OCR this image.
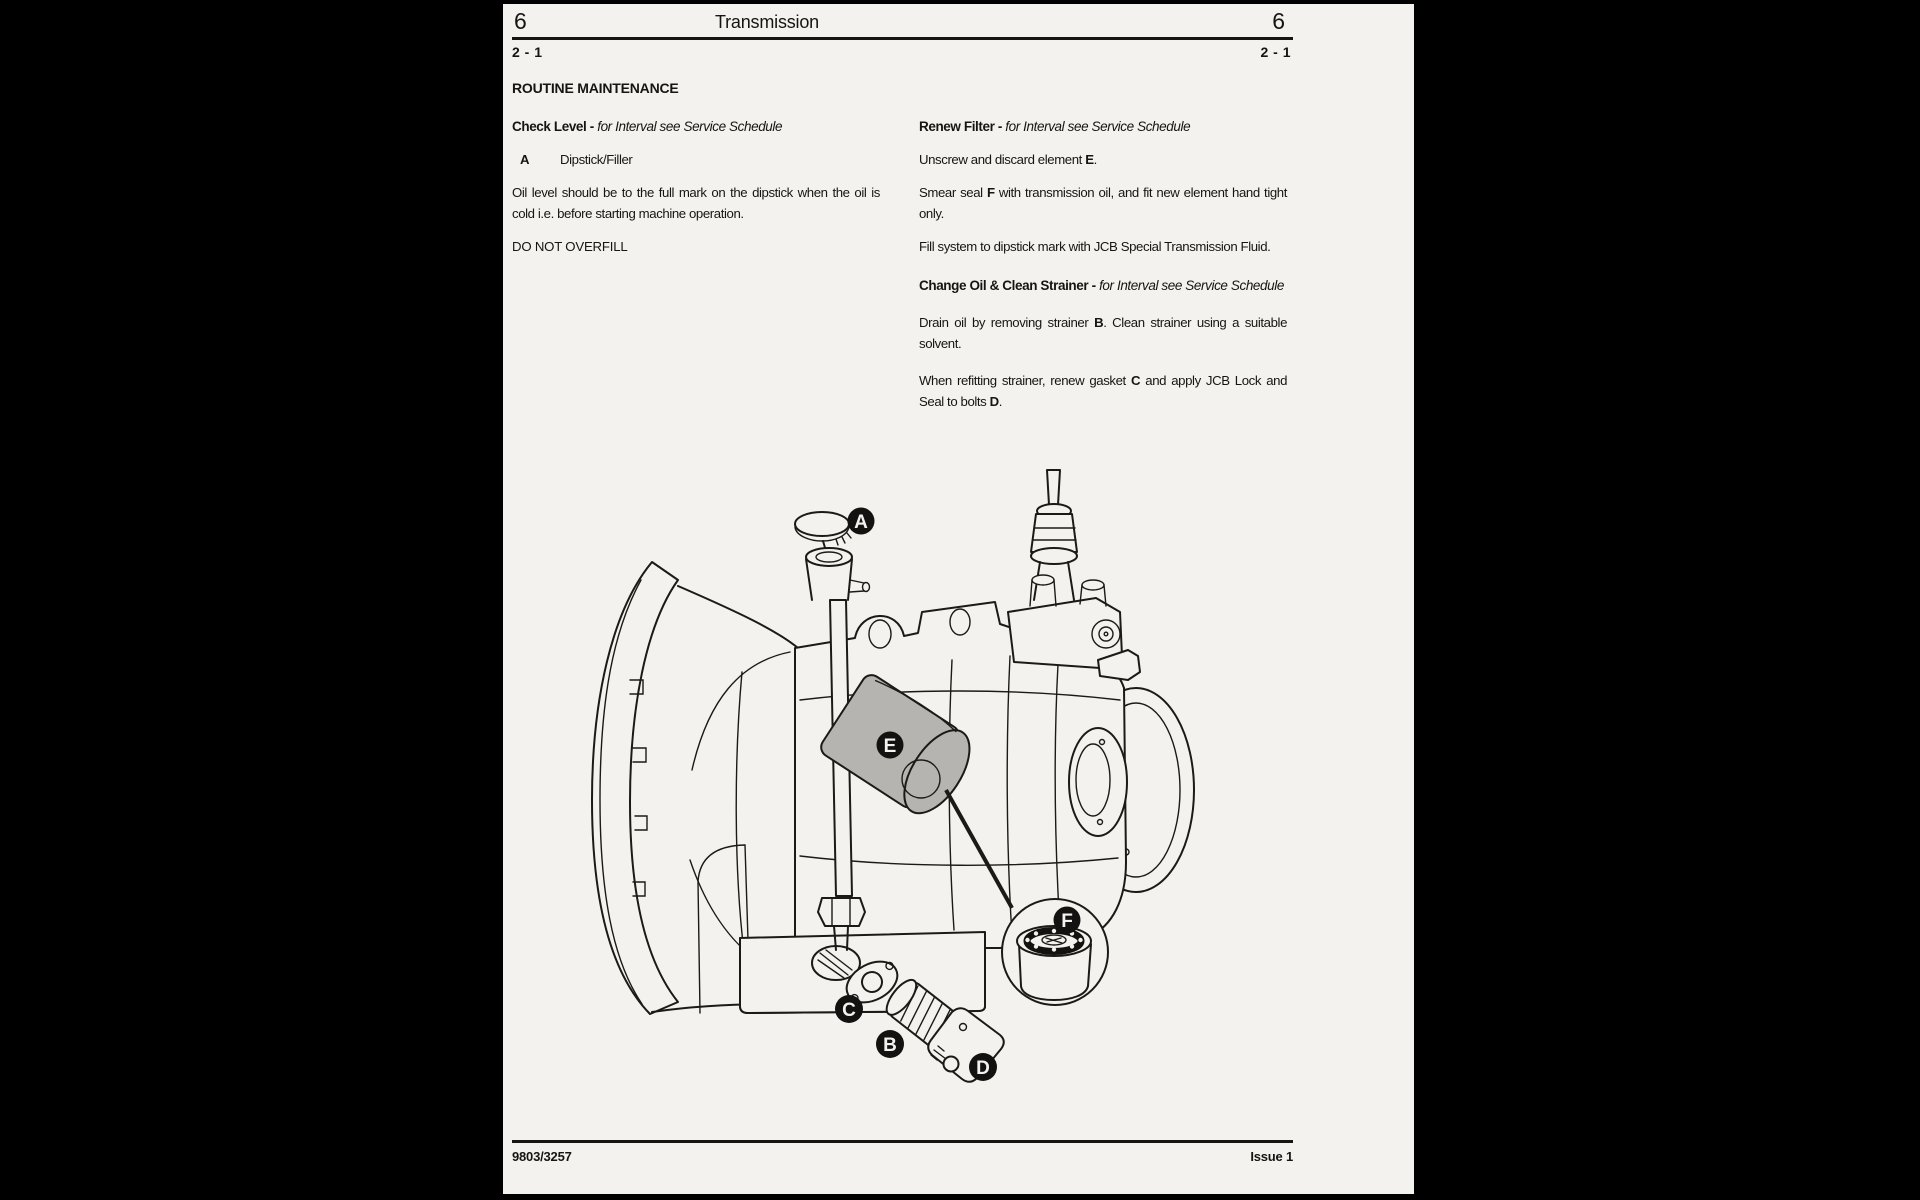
6	Transmission	6
2 - 1	2 - 1
ROUTINE MAINTENANCE
Check Level - for Interval see Service Schedule
A	Dipstick/Filler
Oil level should be to the full mark on the dipstick when the oil is cold i.e. before starting machine operation.
DO NOT OVERFILL
Renew Filter - for Interval see Service Schedule
Unscrew and discard element E.
Smear seal F with transmission oil, and fit new element hand tight only.
Fill system to dipstick mark with JCB Special Transmission Fluid.
Change Oil & Clean Strainer - for Interval see Service Schedule
Drain oil by removing strainer B. Clean strainer using a suitable solvent.
When refitting strainer, renew gasket C and apply JCB Lock and Seal to bolts D.
A
E
F
C
B
D
9803/3257	Issue 1
